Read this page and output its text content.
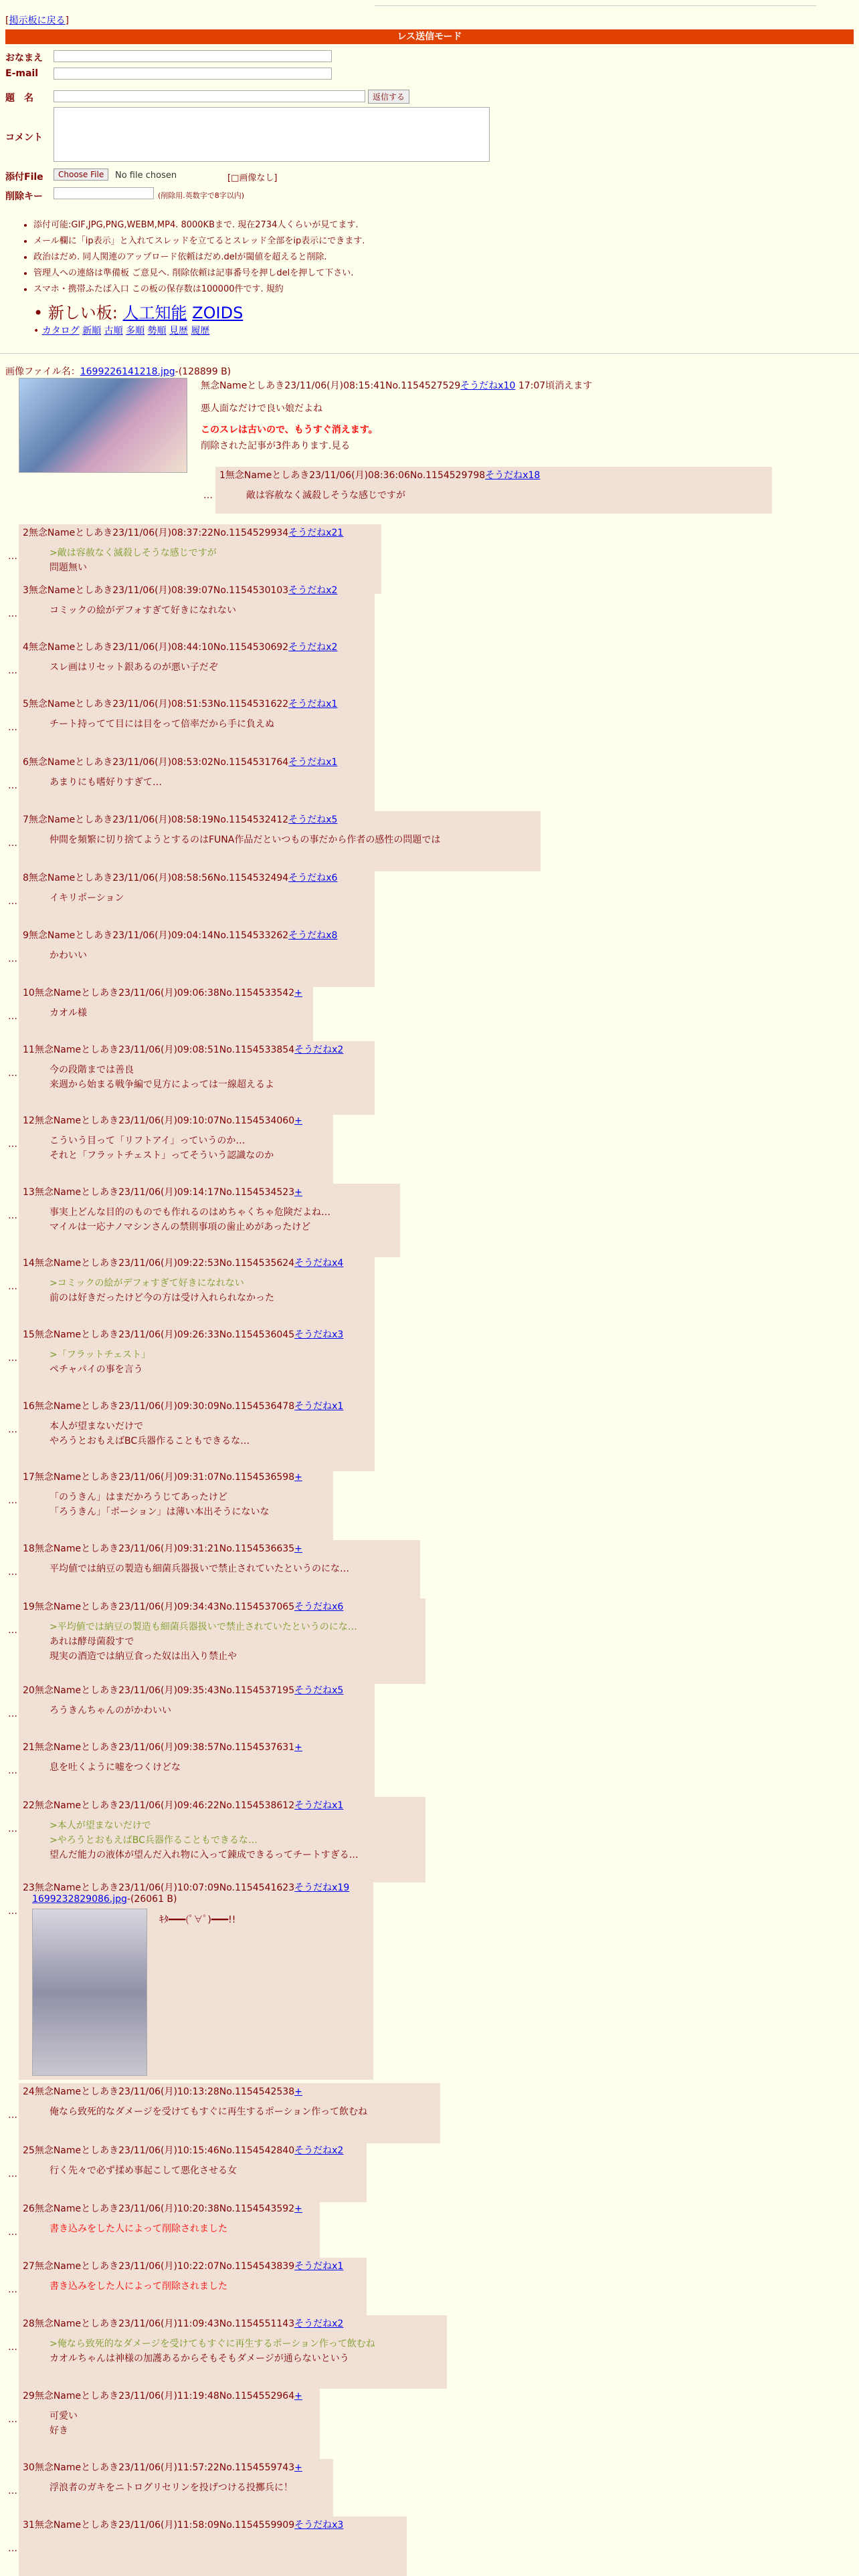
[掲示板に戻る]
レス送信モード
おなまえ
E-mail
題　名	返信する
コメント
添付File	Choose File	No file chosen	[□画像なし]
削除キー	(削除用.英数字で8字以内)
• 添付可能:GIF,JPG,PNG,WEBM,MP4. 8000KBまで. 現在2734人くらいが見てます.
• メール欄に「ip表示」と入れてスレッドを立てるとスレッド全部をip表示にできます.
• 政治はだめ. 同人関連のアップロード依頼はだめ.delが閾値を超えると削除.
• 管理人への連絡は準備板 ご意見へ. 削除依頼は記事番号を押しdelを押して下さい.
• スマホ・携帯ふたば入口 この板の保存数は100000件です. 規約
• 新しい板: 人工知能 ZOIDS
• カタログ 新順 古順 多順 勢順 見歴 履歴
画像ファイル名：1699226141218.jpg-(128899 B)
無念Nameとしあき23/11/06(月)08:15:41No.1154527529そうだねx10 17:07頃消えます
悪人面なだけで良い娘だよね
このスレは古いので、もうすぐ消えます。
削除された記事が3件あります.見る
1無念Nameとしあき23/11/06(月)08:36:06No.1154529798そうだねx18
敵は容赦なく滅殺しそうな感じですが
…
2無念Nameとしあき23/11/06(月)08:37:22No.1154529934そうだねx21
>敵は容赦なく滅殺しそうな感じですが
問題無い
…
3無念Nameとしあき23/11/06(月)08:39:07No.1154530103そうだねx2
コミックの絵がデフォすぎて好きになれない
…
4無念Nameとしあき23/11/06(月)08:44:10No.1154530692そうだねx2
スレ画はリセット銀あるのが悪い子だぞ
…
5無念Nameとしあき23/11/06(月)08:51:53No.1154531622そうだねx1
チート持ってて目には目をって倍率だから手に負えぬ
…
6無念Nameとしあき23/11/06(月)08:53:02No.1154531764そうだねx1
あまりにも嗜好りすぎて…
…
7無念Nameとしあき23/11/06(月)08:58:19No.1154532412そうだねx5
仲間を頻繁に切り捨てようとするのはFUNA作品だといつもの事だから作者の感性の問題では
…
8無念Nameとしあき23/11/06(月)08:58:56No.1154532494そうだねx6
イキリポーション
…
9無念Nameとしあき23/11/06(月)09:04:14No.1154533262そうだねx8
かわいい
…
10無念Nameとしあき23/11/06(月)09:06:38No.1154533542+
カオル様
…
11無念Nameとしあき23/11/06(月)09:08:51No.1154533854そうだねx2
今の段階までは善良
来週から始まる戦争編で見方によっては一線超えるよ
…
12無念Nameとしあき23/11/06(月)09:10:07No.1154534060+
こういう目って「リフトアイ」っていうのか…
それと「フラットチェスト」ってそういう認識なのか
…
13無念Nameとしあき23/11/06(月)09:14:17No.1154534523+
事実上どんな目的のものでも作れるのはめちゃくちゃ危険だよね…
マイルは一応ナノマシンさんの禁則事項の歯止めがあったけど
…
14無念Nameとしあき23/11/06(月)09:22:53No.1154535624そうだねx4
>コミックの絵がデフォすぎて好きになれない
前のは好きだったけど今の方は受け入れられなかった
…
15無念Nameとしあき23/11/06(月)09:26:33No.1154536045そうだねx3
>「フラットチェスト」
ペチャパイの事を言う
…
16無念Nameとしあき23/11/06(月)09:30:09No.1154536478そうだねx1
本人が望まないだけで
やろうとおもえばBC兵器作ることもできるな…
…
17無念Nameとしあき23/11/06(月)09:31:07No.1154536598+
「のうきん」はまだかろうじてあったけど
「ろうきん」「ポーション」は薄い本出そうにないな
…
18無念Nameとしあき23/11/06(月)09:31:21No.1154536635+
平均値では納豆の製造も細菌兵器扱いで禁止されていたというのにな…
…
19無念Nameとしあき23/11/06(月)09:34:43No.1154537065そうだねx6
>平均値では納豆の製造も細菌兵器扱いで禁止されていたというのにな…
あれは酵母菌殺すで
現実の酒造では納豆食った奴は出入り禁止や
…
20無念Nameとしあき23/11/06(月)09:35:43No.1154537195そうだねx5
ろうきんちゃんのがかわいい
…
21無念Nameとしあき23/11/06(月)09:38:57No.1154537631+
息を吐くように嘘をつくけどな
…
22無念Nameとしあき23/11/06(月)09:46:22No.1154538612そうだねx1
>本人が望まないだけで
>やろうとおもえばBC兵器作ることもできるな…
望んだ能力の液体が望んだ入れ物に入って錬成できるってチートすぎる…
…
23無念Nameとしあき23/11/06(月)10:07:09No.1154541623そうだねx19
1699232829086.jpg-(26061 B)
ｷﾀ━━━(ﾟ∀ﾟ)━━━!!
…
24無念Nameとしあき23/11/06(月)10:13:28No.1154542538+
俺なら致死的なダメージを受けてもすぐに再生するポーション作って飲むね
…
25無念Nameとしあき23/11/06(月)10:15:46No.1154542840そうだねx2
行く先々で必ず揉め事起こして悪化させる女
…
26無念Nameとしあき23/11/06(月)10:20:38No.1154543592+
書き込みをした人によって削除されました
…
27無念Nameとしあき23/11/06(月)10:22:07No.1154543839そうだねx1
書き込みをした人によって削除されました
…
28無念Nameとしあき23/11/06(月)11:09:43No.1154551143そうだねx2
>俺なら致死的なダメージを受けてもすぐに再生するポーション作って飲むね
カオルちゃんは神様の加護あるからそもそもダメージが通らないという
…
29無念Nameとしあき23/11/06(月)11:19:48No.1154552964+
可愛い
好き
…
30無念Nameとしあき23/11/06(月)11:57:22No.1154559743+
浮浪者のガキをニトログリセリンを投げつける投擲兵に！
…
31無念Nameとしあき23/11/06(月)11:58:09No.1154559909そうだねx3
…
